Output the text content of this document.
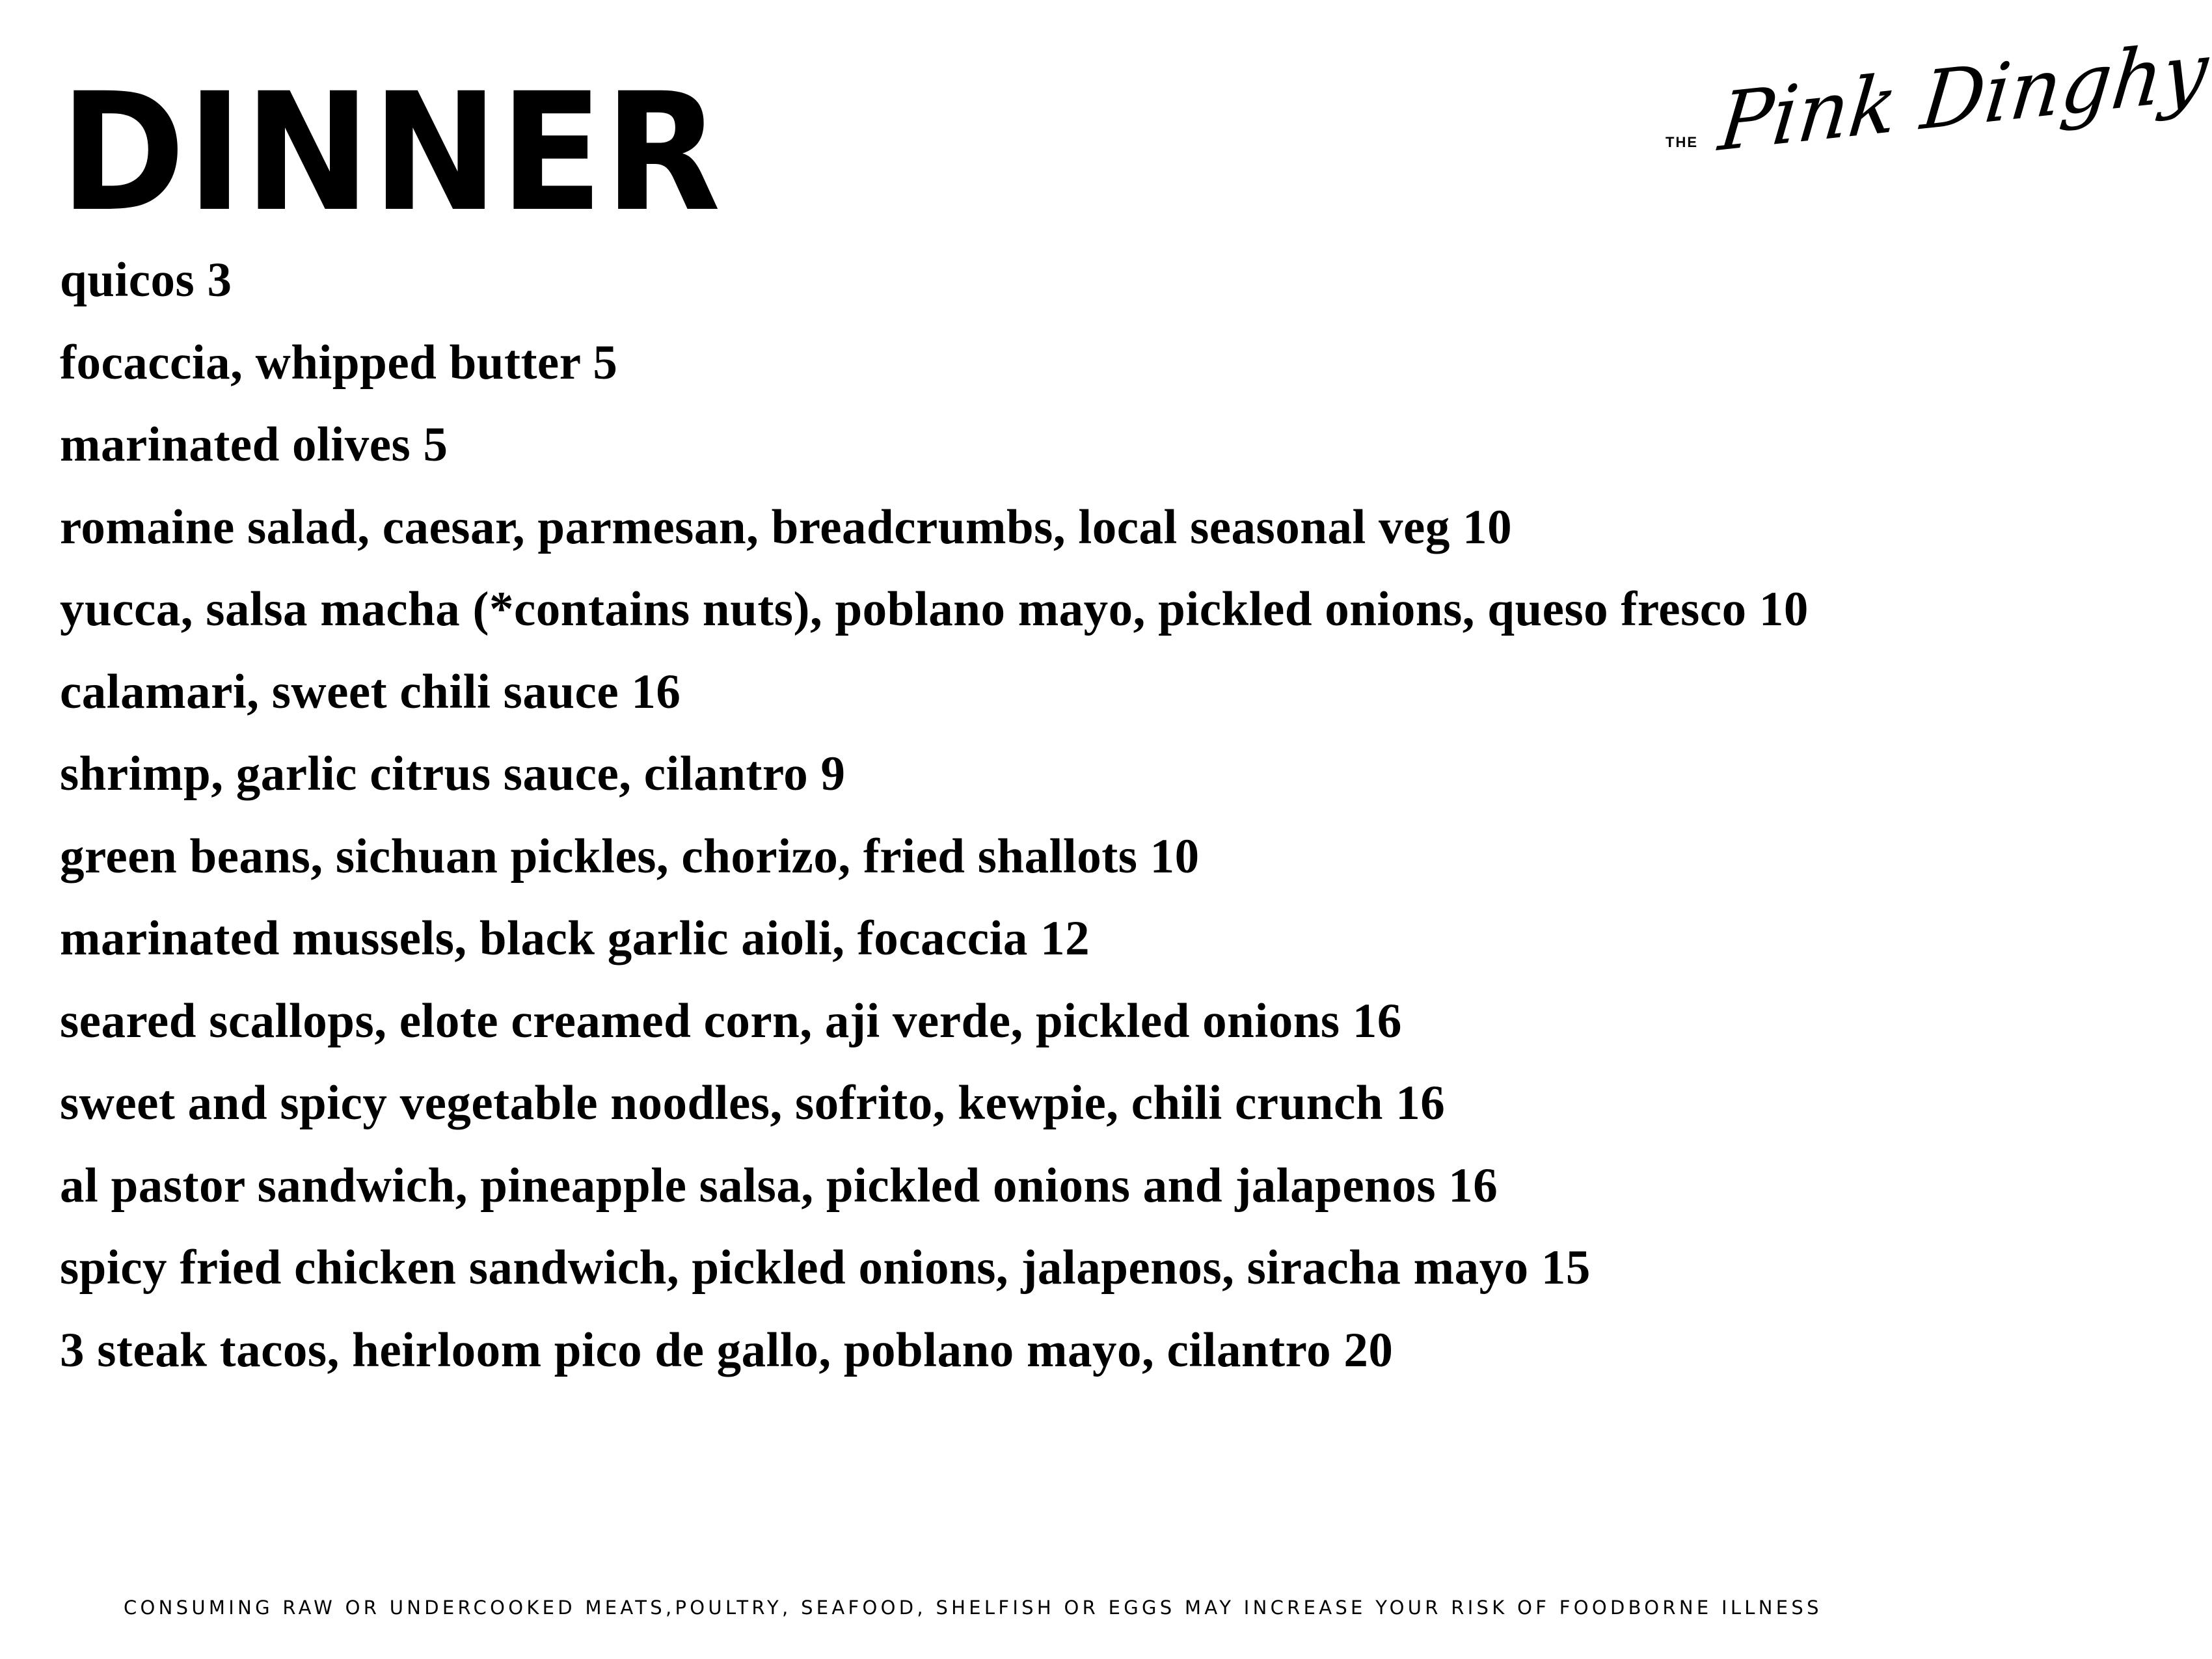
DINNER	THE Pink Dinghy
quicos 3
focaccia, whipped butter 5
marinated olives 5
romaine salad, caesar, parmesan, breadcrumbs, local seasonal veg 10
yucca, salsa macha (*contains nuts), poblano mayo, pickled onions, queso fresco 10
calamari, sweet chili sauce 16
shrimp, garlic citrus sauce, cilantro 9
green beans, sichuan pickles, chorizo, fried shallots 10
marinated mussels, black garlic aioli, focaccia 12
seared scallops, elote creamed corn, aji verde, pickled onions 16
sweet and spicy vegetable noodles, sofrito, kewpie, chili crunch 16
al pastor sandwich, pineapple salsa, pickled onions and jalapenos 16
spicy fried chicken sandwich, pickled onions, jalapenos, siracha mayo 15
3 steak tacos, heirloom pico de gallo, poblano mayo, cilantro 20
CONSUMING RAW OR UNDERCOOKED MEATS,POULTRY, SEAFOOD, SHELFISH OR EGGS MAY INCREASE YOUR RISK OF FOODBORNE ILLNESS
